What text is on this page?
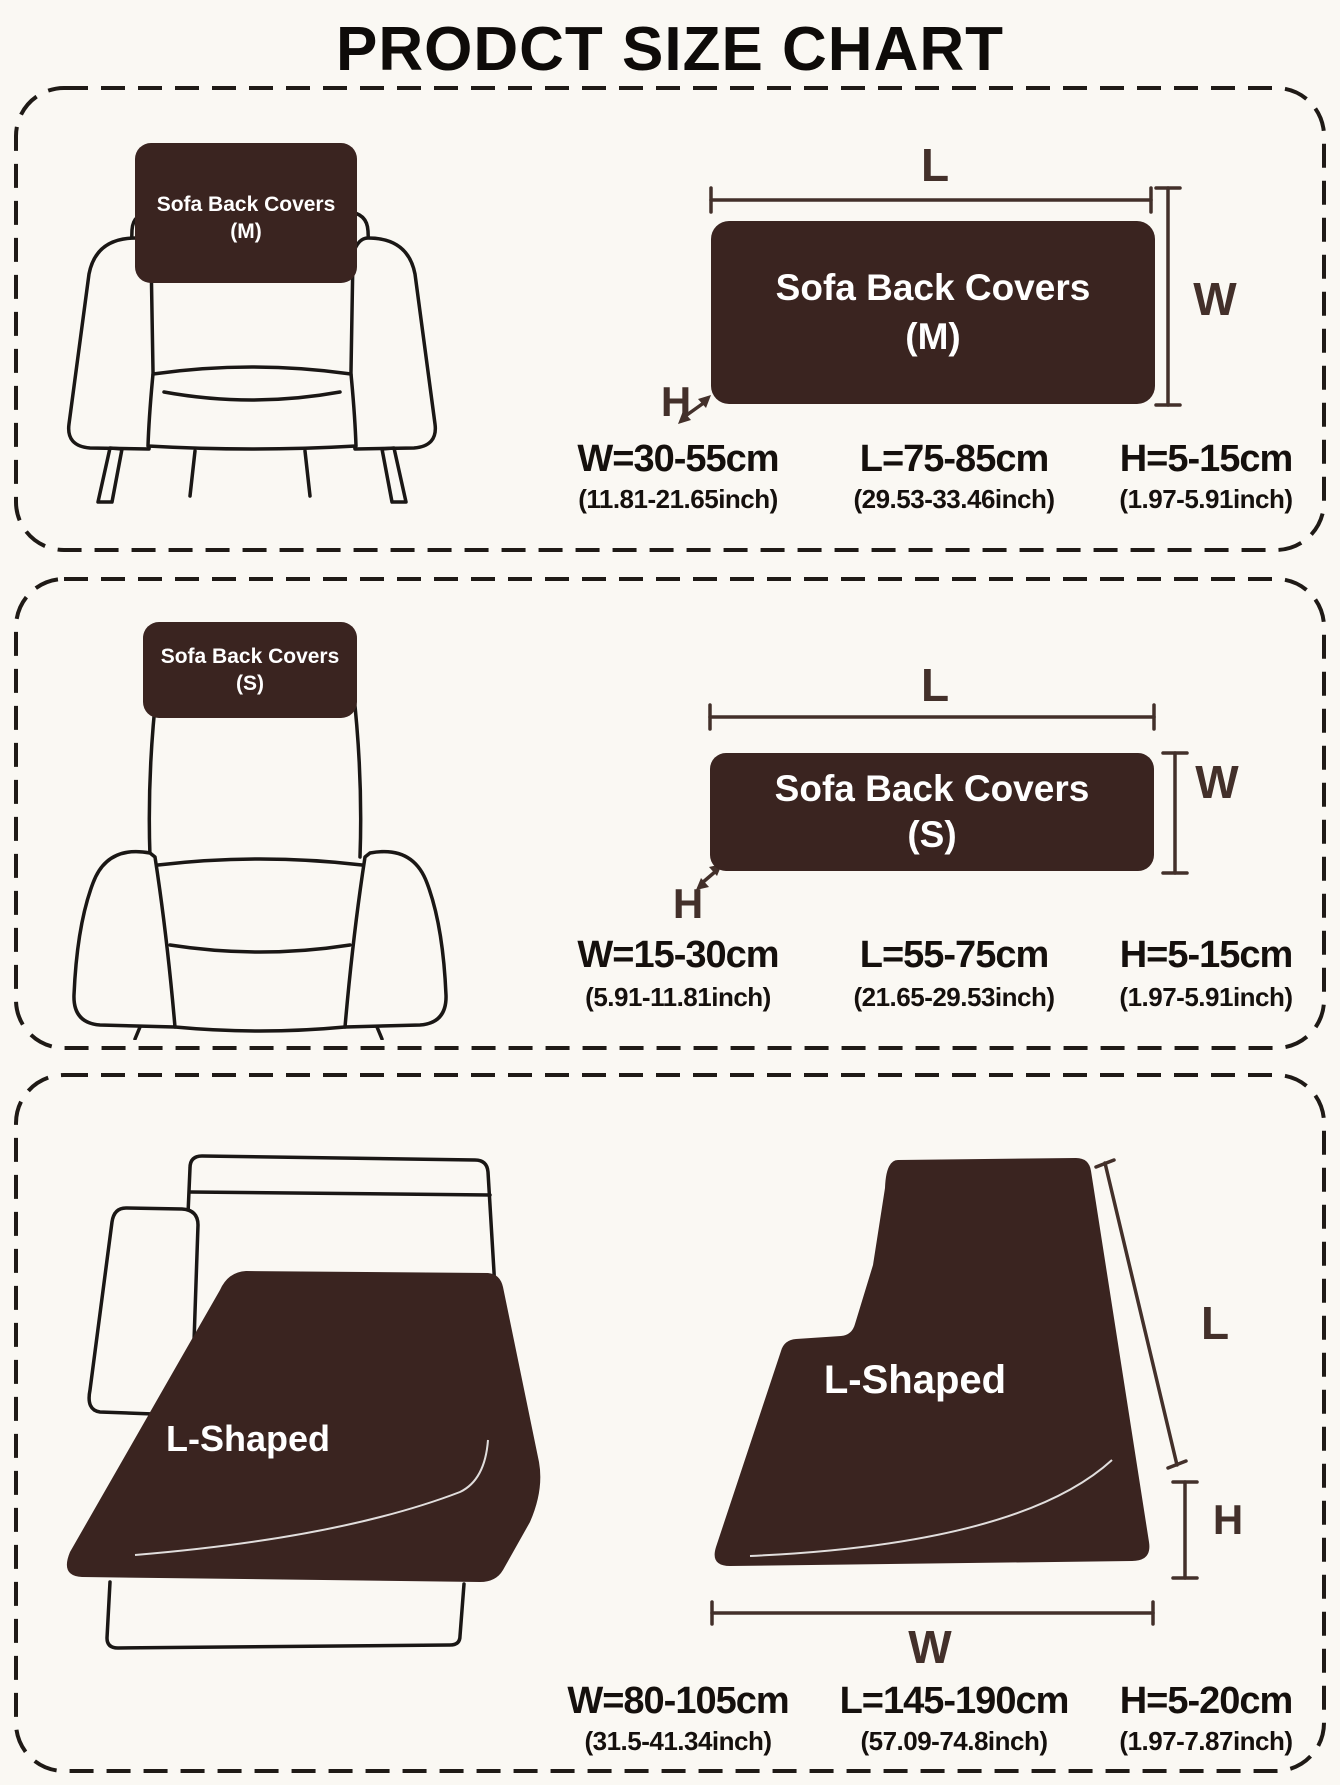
PRODCT SIZE CHART
Sofa Back Covers
(M)
Sofa Back Covers
(M)
L
W
H
W=30-55cm	L=75-85cm	H=5-15cm
(11.81-21.65inch)	(29.53-33.46inch)	(1.97-5.91inch)
Sofa Back Covers
(S)
Sofa Back Covers
(S)
L
W
H
W=15-30cm	L=55-75cm	H=5-15cm
(5.91-11.81inch)	(21.65-29.53inch)	(1.97-5.91inch)
L-Shaped
L-Shaped
L
H
W
W=80-105cm	L=145-190cm	H=5-20cm
(31.5-41.34inch)	(57.09-74.8inch)	(1.97-7.87inch)
